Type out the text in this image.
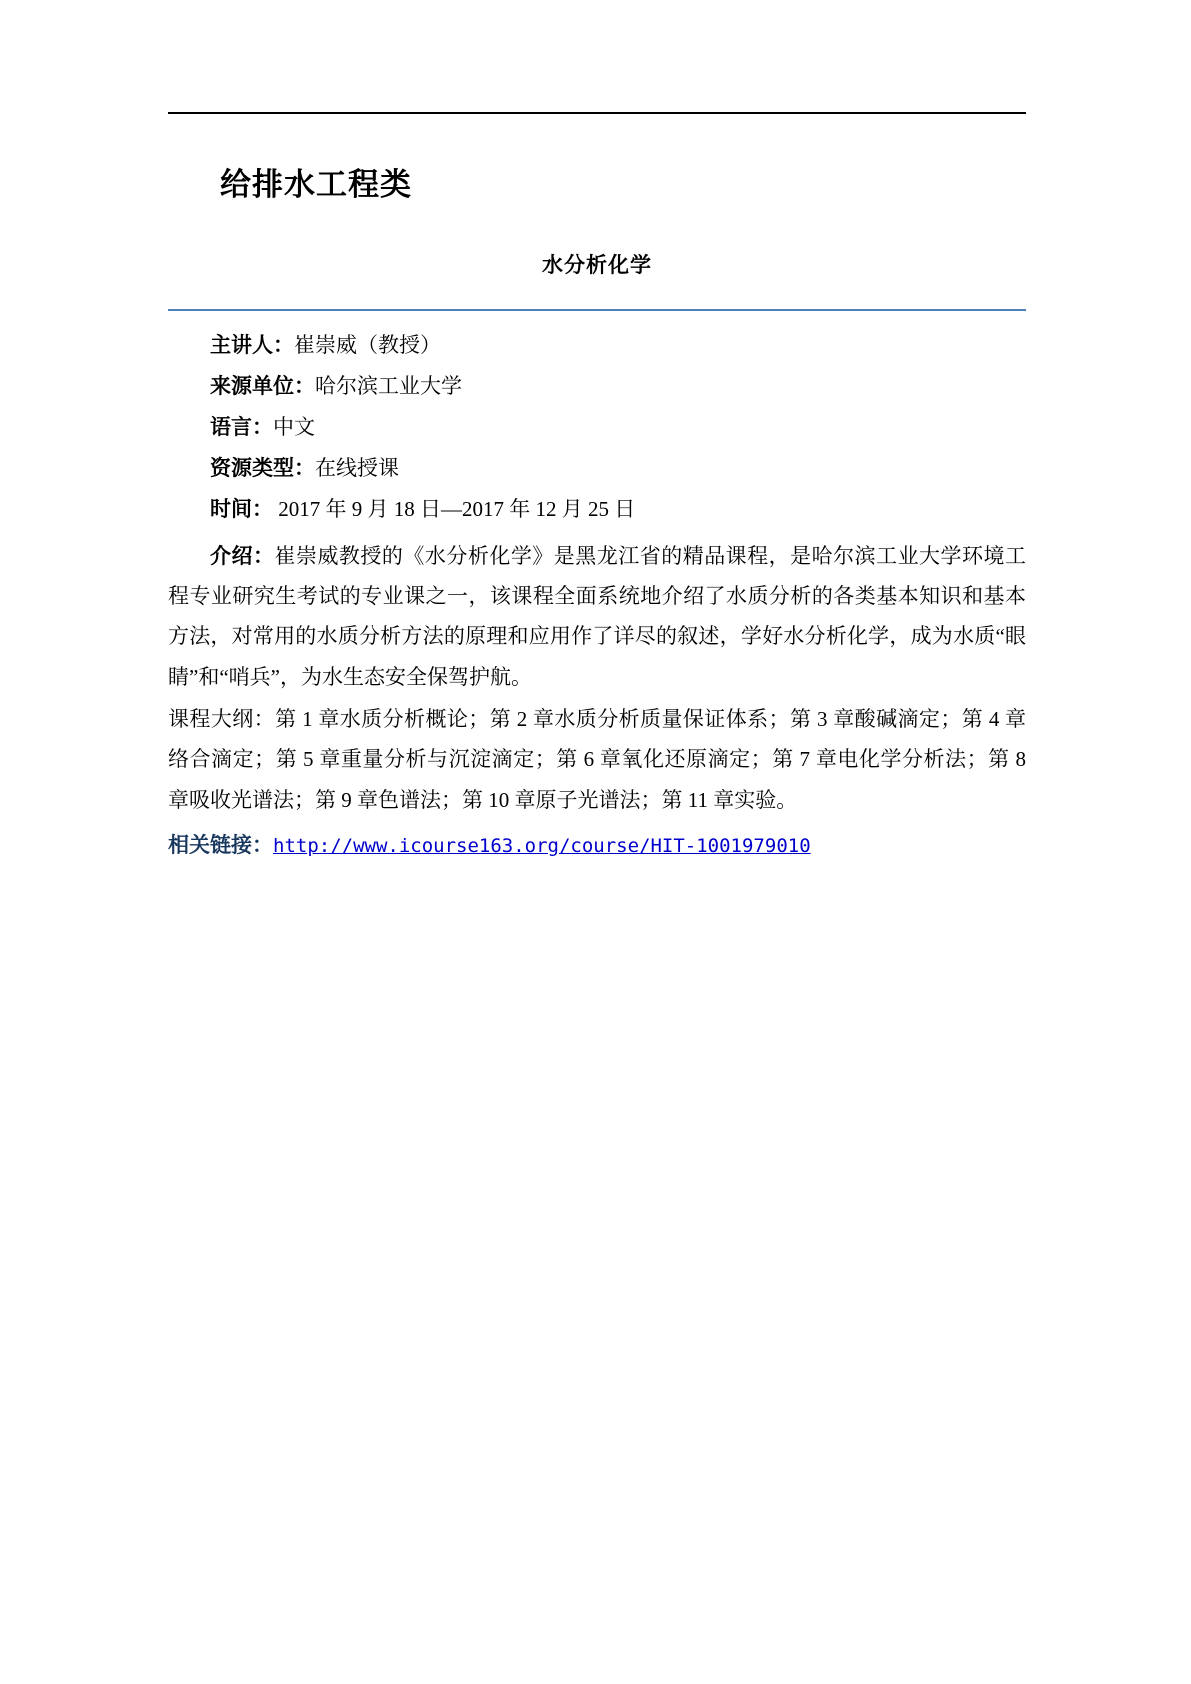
给排水工程类
水分析化学
主讲人：崔崇威（教授）
来源单位：哈尔滨工业大学
语言：中文
资源类型：在线授课
时间： 2017 年 9 月 18 日—2017 年 12 月 25 日

介绍：崔崇威教授的《水分析化学》是黑龙江省的精品课程，是哈尔滨工业大学环境工程专业研究生考试的专业课之一，该课程全面系统地介绍了水质分析的各类基本知识和基本方法，对常用的水质分析方法的原理和应用作了详尽的叙述，学好水分析化学，成为水质“眼睛”和“哨兵”，为水生态安全保驾护航。

课程大纲：第 1 章水质分析概论；第 2 章水质分析质量保证体系；第 3 章酸碱滴定；第 4 章络合滴定；第 5 章重量分析与沉淀滴定；第 6 章氧化还原滴定；第 7 章电化学分析法；第 8 章吸收光谱法；第 9 章色谱法；第 10 章原子光谱法；第 11 章实验。

相关链接：http://www.icourse163.org/course/HIT-1001979010
